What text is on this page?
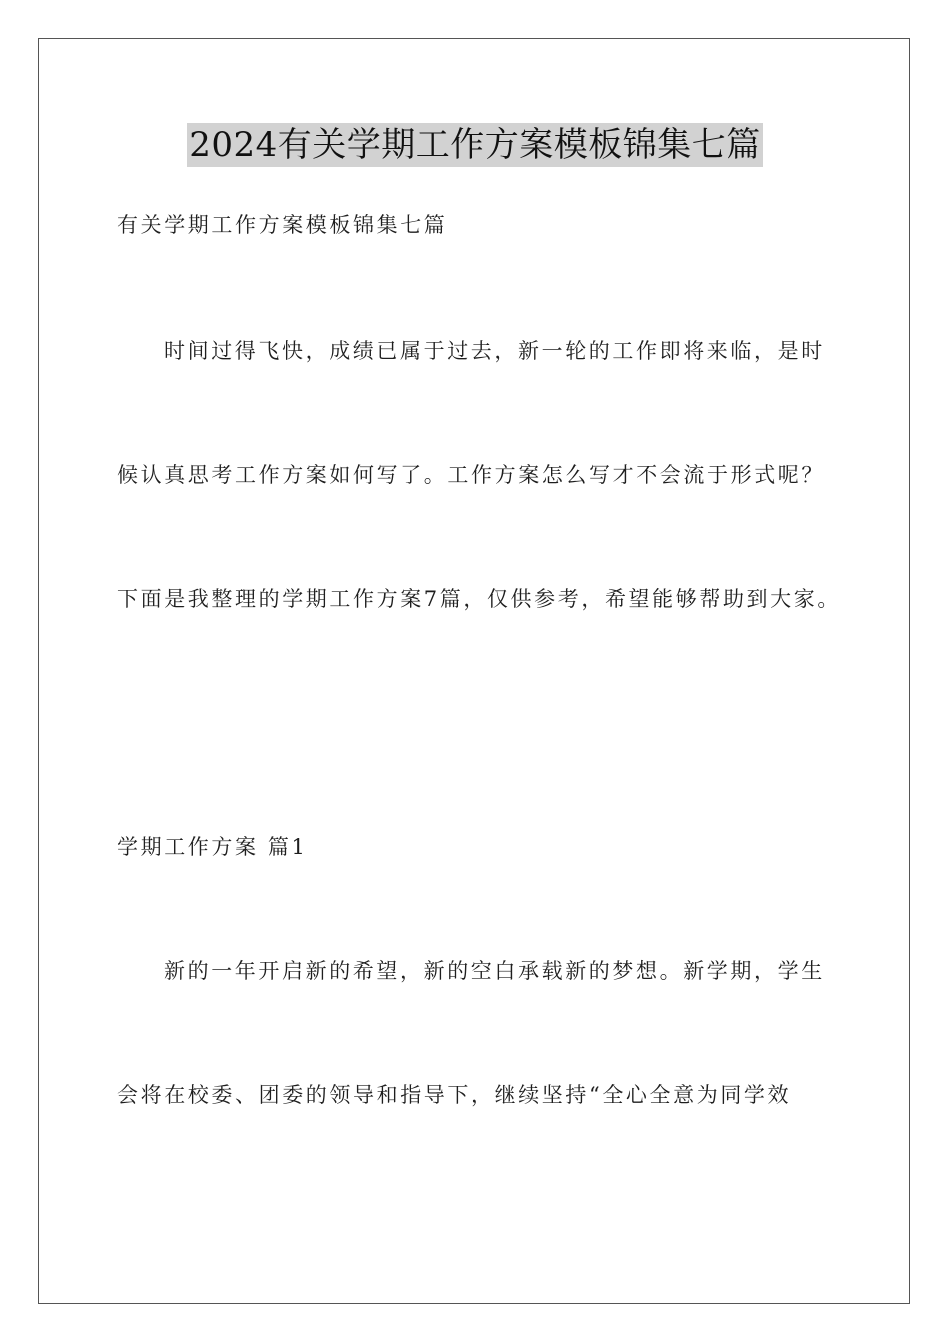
2024有关学期工作方案模板锦集七篇
有关学期工作方案模板锦集七篇
时间过得飞快，成绩已属于过去，新一轮的工作即将来临，是时
候认真思考工作方案如何写了。工作方案怎么写才不会流于形式呢？
下面是我整理的学期工作方案7篇，仅供参考，希望能够帮助到大家。
学期工作方案 篇1
新的一年开启新的希望，新的空白承载新的梦想。新学期，学生
会将在校委、团委的领导和指导下，继续坚持“全心全意为同学效
